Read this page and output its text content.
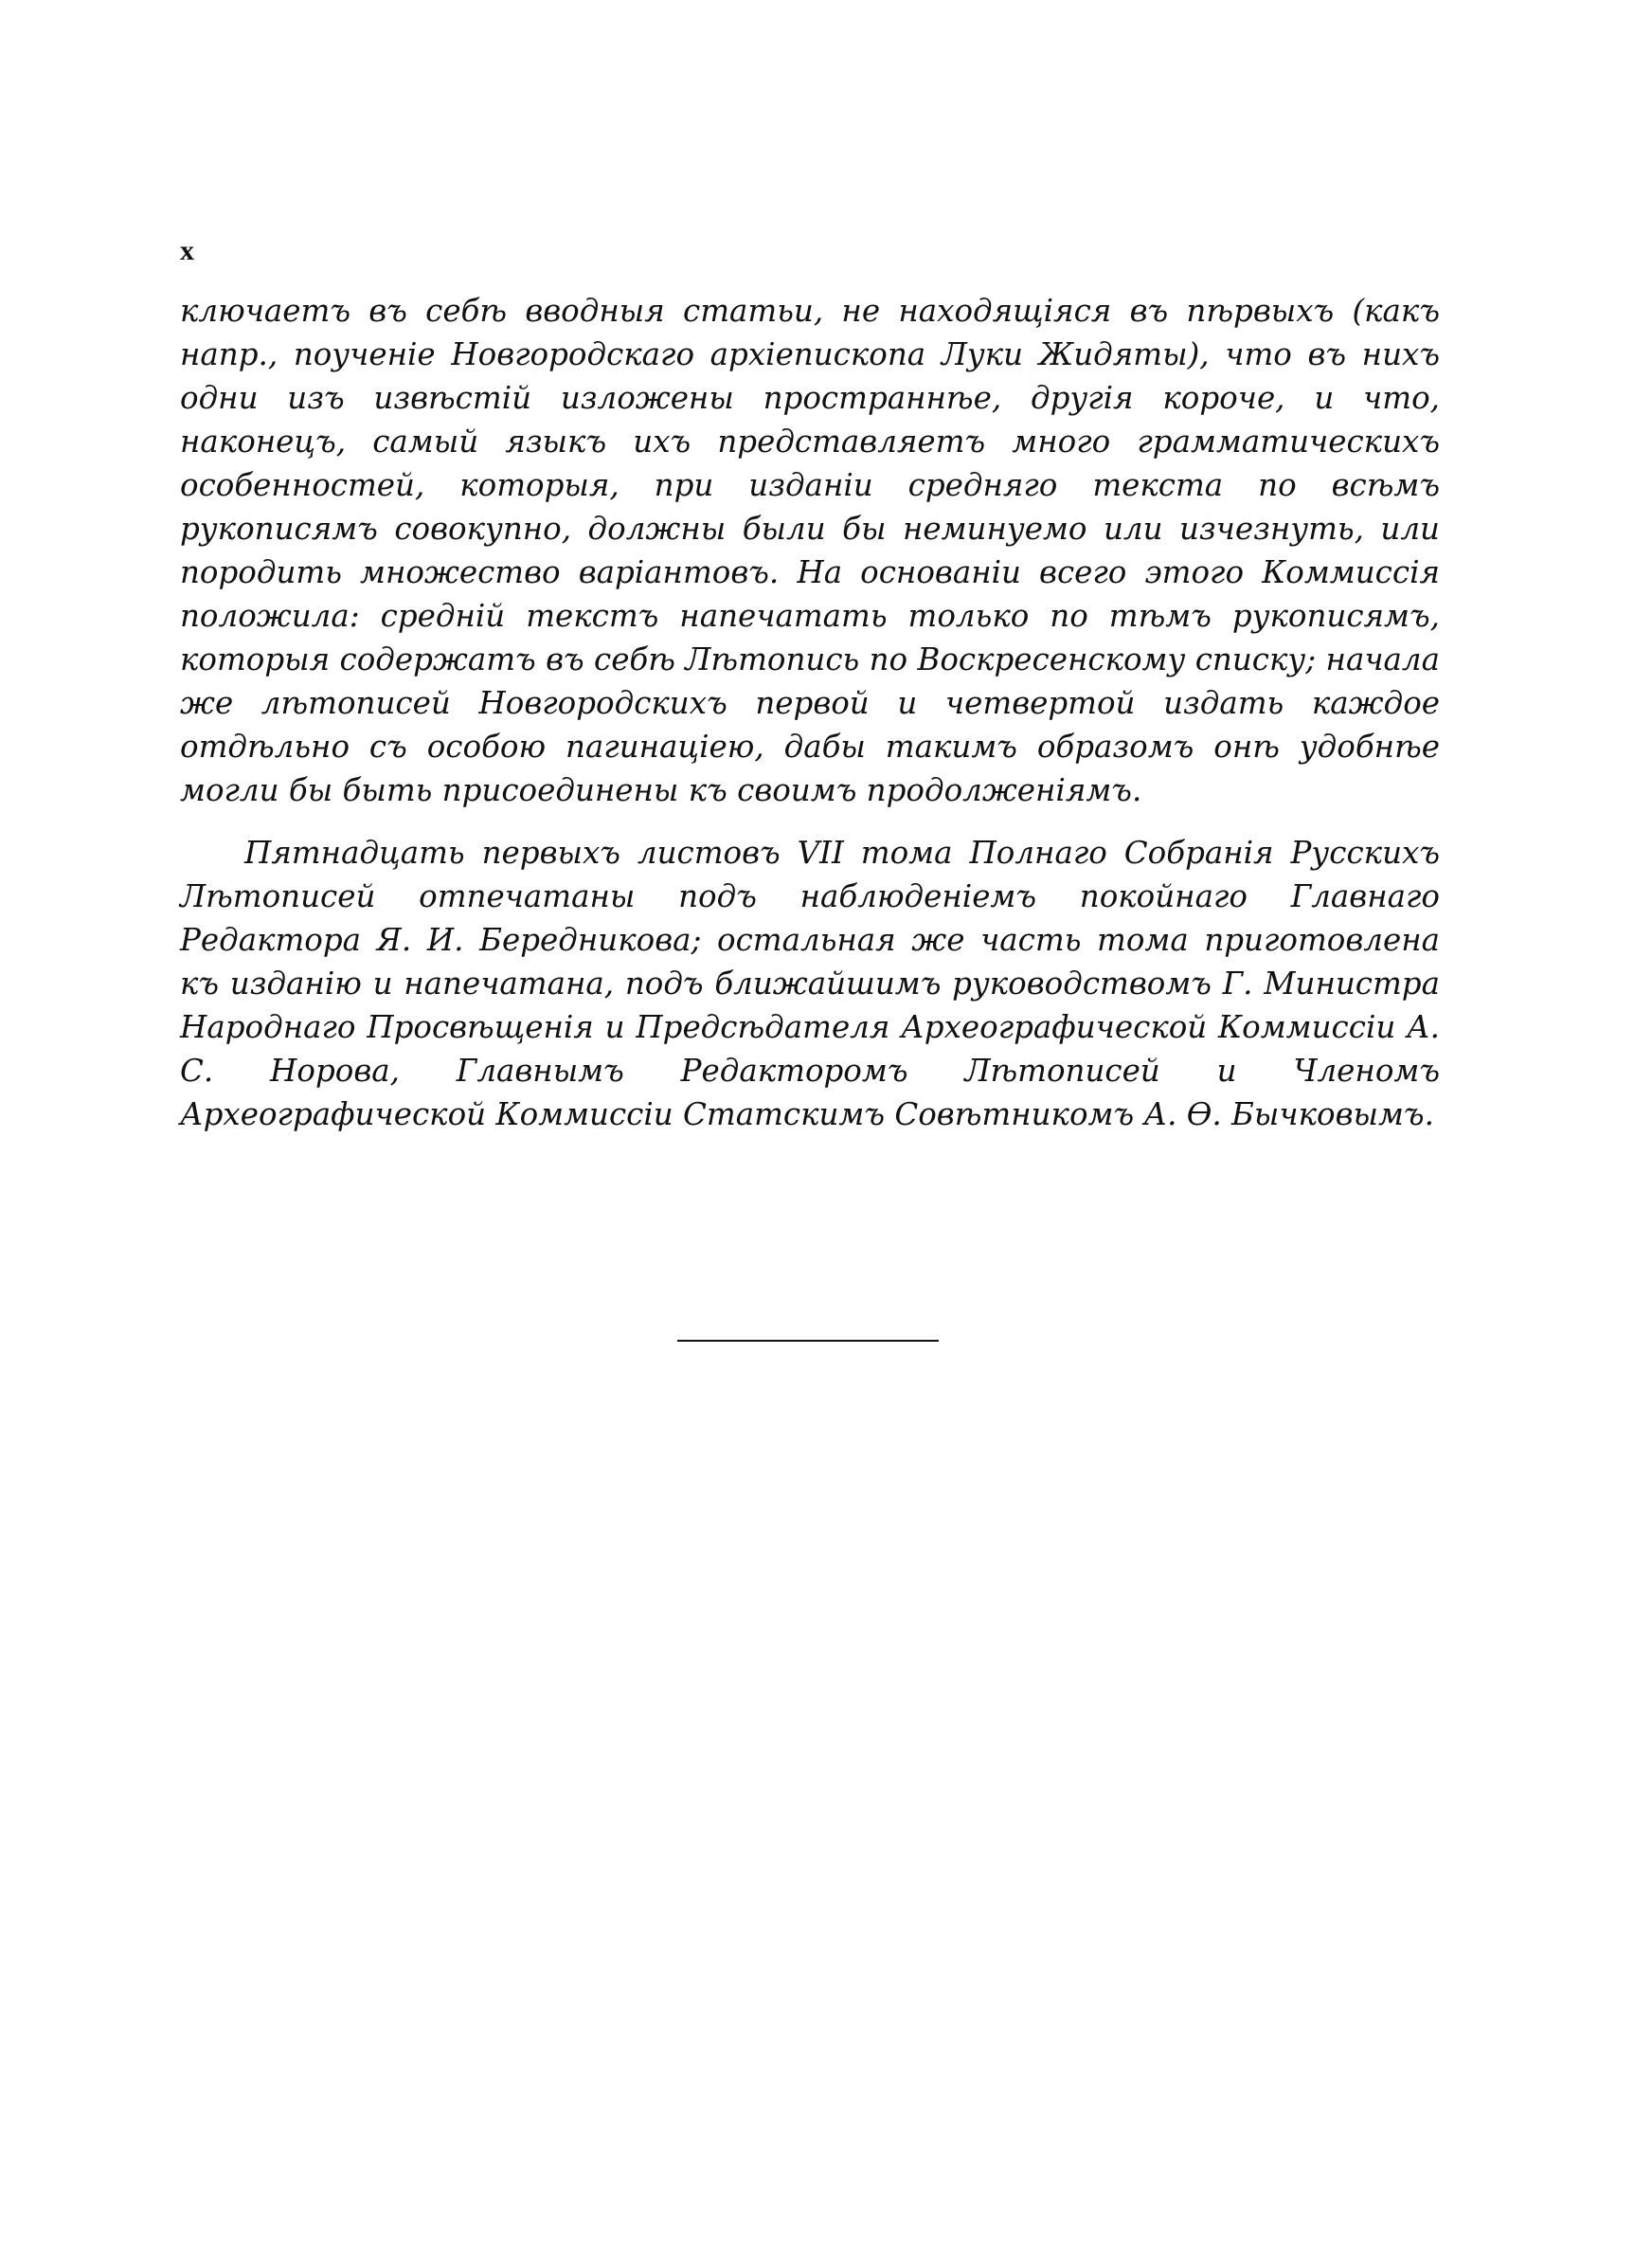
x

ключаетъ въ себѣ вводныя статьи, не находящіяся въ пѣрвыхъ (какъ напр., поученіе Новгородскаго архіепископа Луки Жидяты), что въ нихъ одни изъ извѣстій изложены пространнѣе, другія короче, и что, наконецъ, самый языкъ ихъ представляетъ много грамматическихъ особенностей, которыя, при изданіи средняго текста по всѣмъ рукописямъ совокупно, должны были бы неминуемо или изчезнуть, или породить множество варіантовъ. На основаніи всего этого Коммиссія положила: средній текстъ напечатать только по тѣмъ рукописямъ, которыя содержатъ въ себѣ Лѣтопись по Воскресенскому списку; начала же лѣтописей Новгородскихъ первой и четвертой издать каждое отдѣльно съ особою пагинаціею, дабы такимъ образомъ онѣ удобнѣе могли бы быть присоединены къ своимъ продолженіямъ.

Пятнадцать первыхъ листовъ VII тома Полнаго Собранія Русскихъ Лѣтописей отпечатаны подъ наблюденіемъ покойнаго Главнаго Редактора Я. И. Бередникова; остальная же часть тома приготовлена къ изданію и напечатана, подъ ближайшимъ руководствомъ Г. Министра Народнаго Просвѣщенія и Предсѣдателя Археографической Коммиссіи А. С. Норова, Главнымъ Редакторомъ Лѣтописей и Членомъ Археографической Коммиссіи Статскимъ Совѣтникомъ А. Ѳ. Бычковымъ.
